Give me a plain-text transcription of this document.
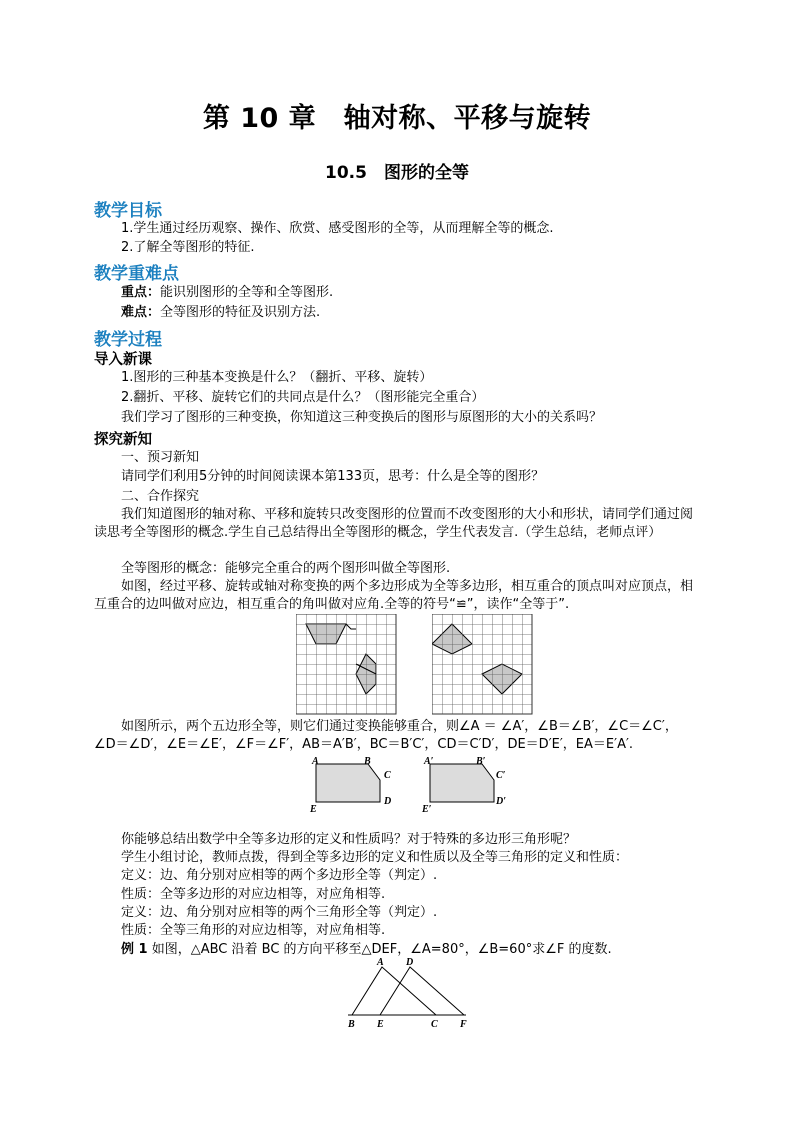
第 10 章　轴对称、平移与旋转
10.5　图形的全等
教学目标
1.学生通过经历观察、操作、欣赏、感受图形的全等，从而理解全等的概念.
2.了解全等图形的特征.
教学重难点
重点：能识别图形的全等和全等图形.
难点：全等图形的特征及识别方法.
教学过程
导入新课
1.图形的三种基本变换是什么？（翻折、平移、旋转）
2.翻折、平移、旋转它们的共同点是什么？（图形能完全重合）
我们学习了图形的三种变换，你知道这三种变换后的图形与原图形的大小的关系吗？
探究新知
一、预习新知
请同学们利用5分钟的时间阅读课本第133页，思考：什么是全等的图形？
二、合作探究
我们知道图形的轴对称、平移和旋转只改变图形的位置而不改变图形的大小和形状，请同学们通过阅读思考全等图形的概念.学生自己总结得出全等图形的概念，学生代表发言.（学生总结，老师点评）
全等图形的概念：能够完全重合的两个图形叫做全等图形.
如图，经过平移、旋转或轴对称变换的两个多边形成为全等多边形，相互重合的顶点叫对应顶点，相互重合的边叫做对应边，相互重合的角叫做对应角.全等的符号“≌”，读作“全等于”.
如图所示，两个五边形全等，则它们通过变换能够重合，则∠A ＝ ∠A′，∠B＝∠B′，∠C＝∠C′，∠D＝∠D′，∠E＝∠E′，∠F＝∠F′，AB＝A′B′，BC＝B′C′，CD＝C′D′，DE＝D′E′，EA＝E′A′.
A	B
C
D
E
A′	B′
C′
D′
E′
你能够总结出数学中全等多边形的定义和性质吗？对于特殊的多边形三角形呢？
学生小组讨论，教师点拨，得到全等多边形的定义和性质以及全等三角形的定义和性质：
定义：边、角分别对应相等的两个多边形全等（判定）.
性质：全等多边形的对应边相等，对应角相等.
定义：边、角分别对应相等的两个三角形全等（判定）.
性质：全等三角形的对应边相等，对应角相等.
例 1 如图，△ABC 沿着 BC 的方向平移至△DEF，∠A=80°，∠B=60°求∠F 的度数.
A D
B E	C F
